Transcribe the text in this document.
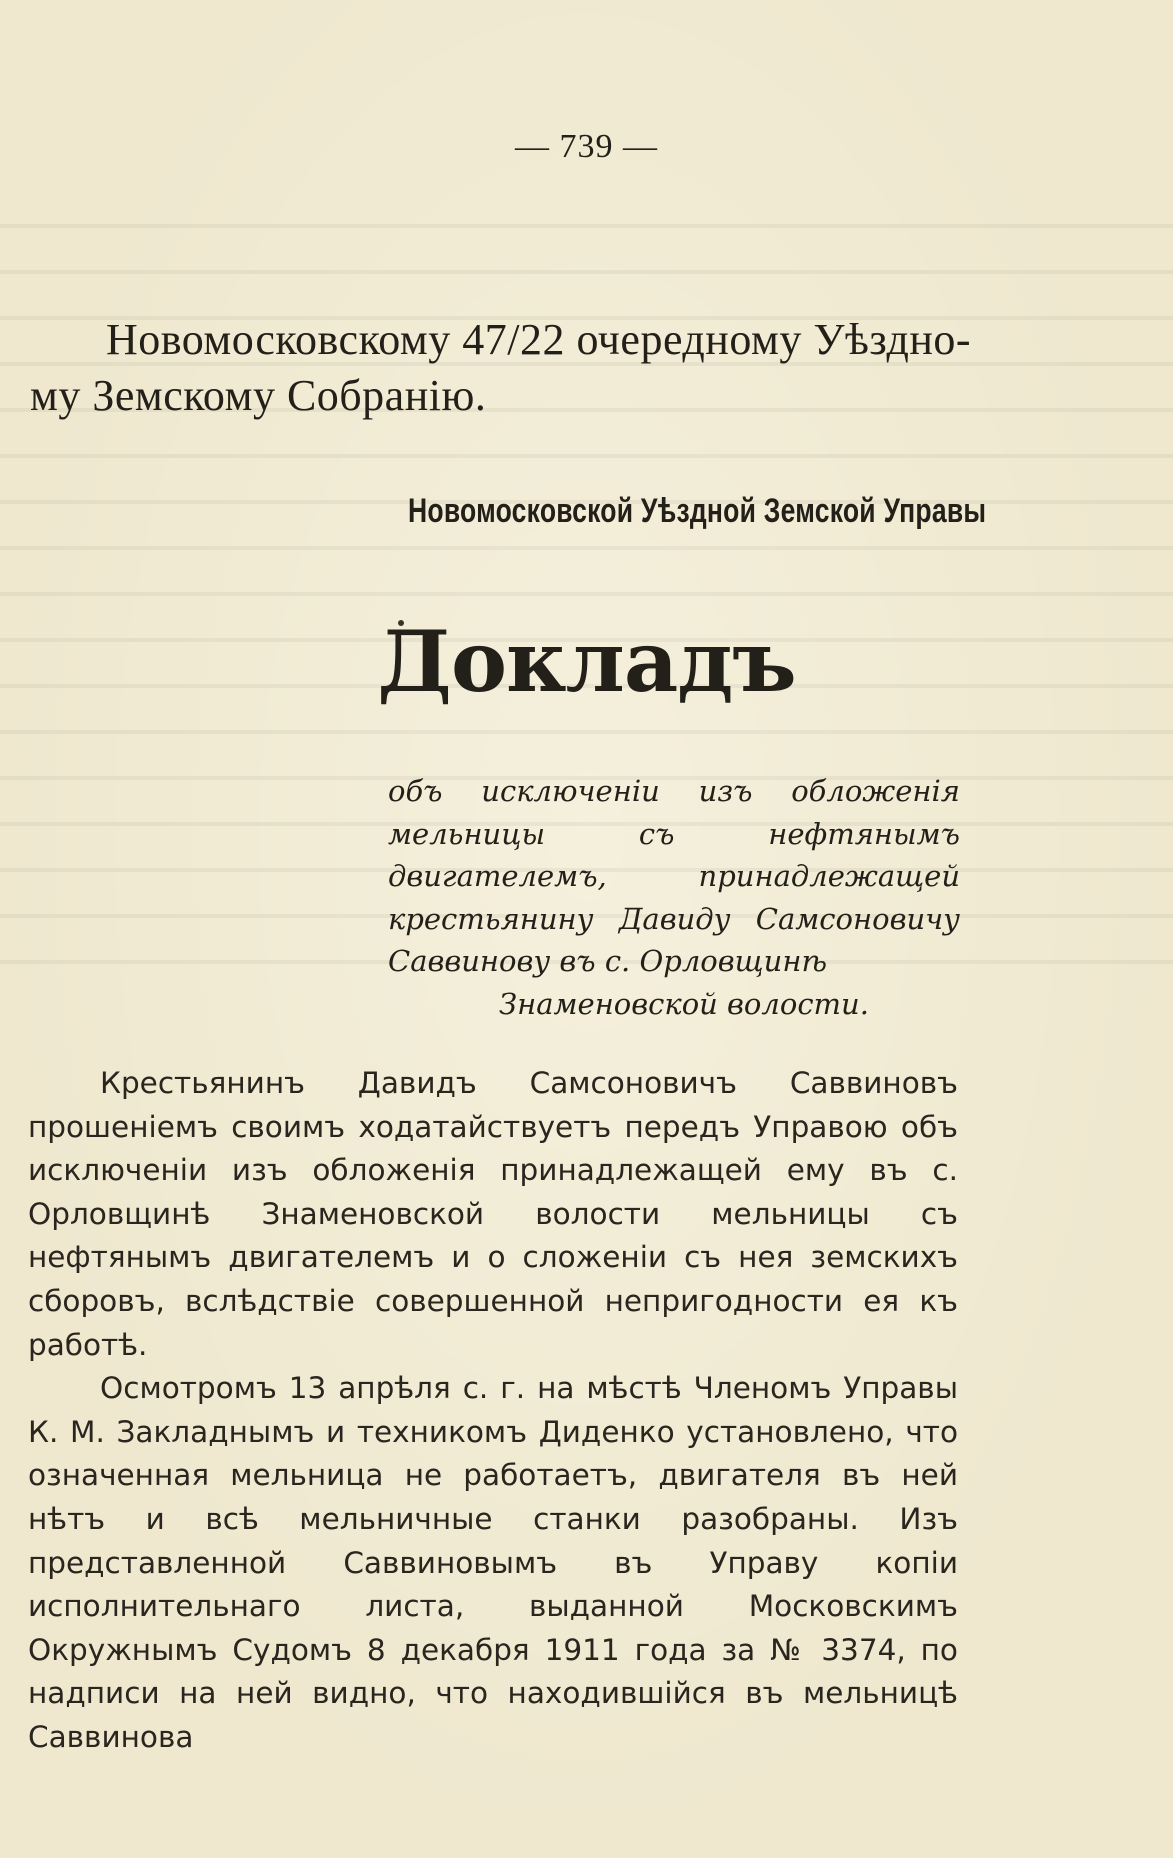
— 739 —
Новомосковскому 47/22 очередному Уѣздно-
му Земскому Собранію.
Новомосковской Уѣздной Земской Управы
Докладъ
объ исключеніи изъ обложенія мельницы съ нефтянымъ двигателемъ, принадлежащей крестьянину Давиду Самсоновичу Саввинову въ с. Орловщинѣ
Знаменовской волости.

Крестьянинъ Давидъ Самсоновичъ Саввиновъ прошеніемъ своимъ ходатайствуетъ передъ Управою объ исключеніи изъ обложенія принадлежащей ему въ с. Орловщинѣ Знаменовской волости мельницы съ нефтянымъ двигателемъ и о сложеніи съ нея земскихъ сборовъ, вслѣдствіе совершенной непригодности ея къ работѣ.

Осмотромъ 13 апрѣля с. г. на мѣстѣ Членомъ Управы К. М. Закладнымъ и техникомъ Диденко установлено, что означенная мельница не работаетъ, двигателя въ ней нѣтъ и всѣ мельничные станки разобраны. Изъ представленной Саввиновымъ въ Управу копіи исполнительнаго листа, выданной Московскимъ Окружнымъ Судомъ 8 декабря 1911 года за № 3374, по надписи на ней видно, что находившійся въ мельницѣ Саввинова
